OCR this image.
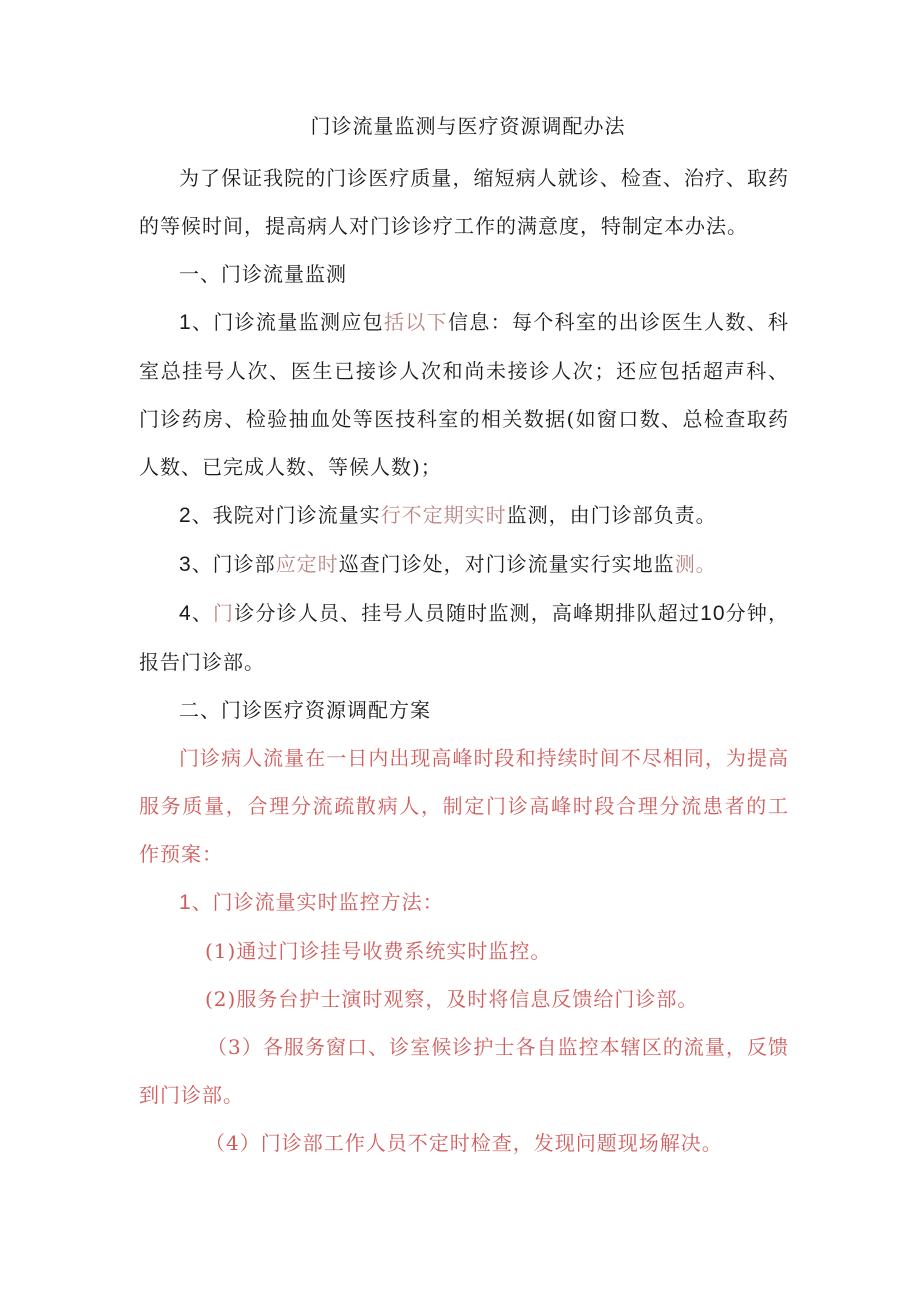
门诊流量监测与医疗资源调配办法

为了保证我院的门诊医疗质量，缩短病人就诊、检查、治疗、取药的等候时间，提高病人对门诊诊疗工作的满意度，特制定本办法。

一、门诊流量监测

1、门诊流量监测应包括以下信息：每个科室的出诊医生人数、科室总挂号人次、医生已接诊人次和尚未接诊人次；还应包括超声科、门诊药房、检验抽血处等医技科室的相关数据(如窗口数、总检查取药人数、已完成人数、等候人数)；

2、我院对门诊流量实行不定期实时监测，由门诊部负责。

3、门诊部应定时巡查门诊处，对门诊流量实行实地监测。

4、门诊分诊人员、挂号人员随时监测，高峰期排队超过10分钟，报告门诊部。

二、门诊医疗资源调配方案

门诊病人流量在一日内出现高峰时段和持续时间不尽相同，为提高服务质量，合理分流疏散病人，制定门诊高峰时段合理分流患者的工作预案：

1、门诊流量实时监控方法：

(1)通过门诊挂号收费系统实时监控。

(2)服务台护士演时观察，及时将信息反馈给门诊部。

（3）各服务窗口、诊室候诊护士各自监控本辖区的流量，反馈到门诊部。

（4）门诊部工作人员不定时检查，发现问题现场解决。
